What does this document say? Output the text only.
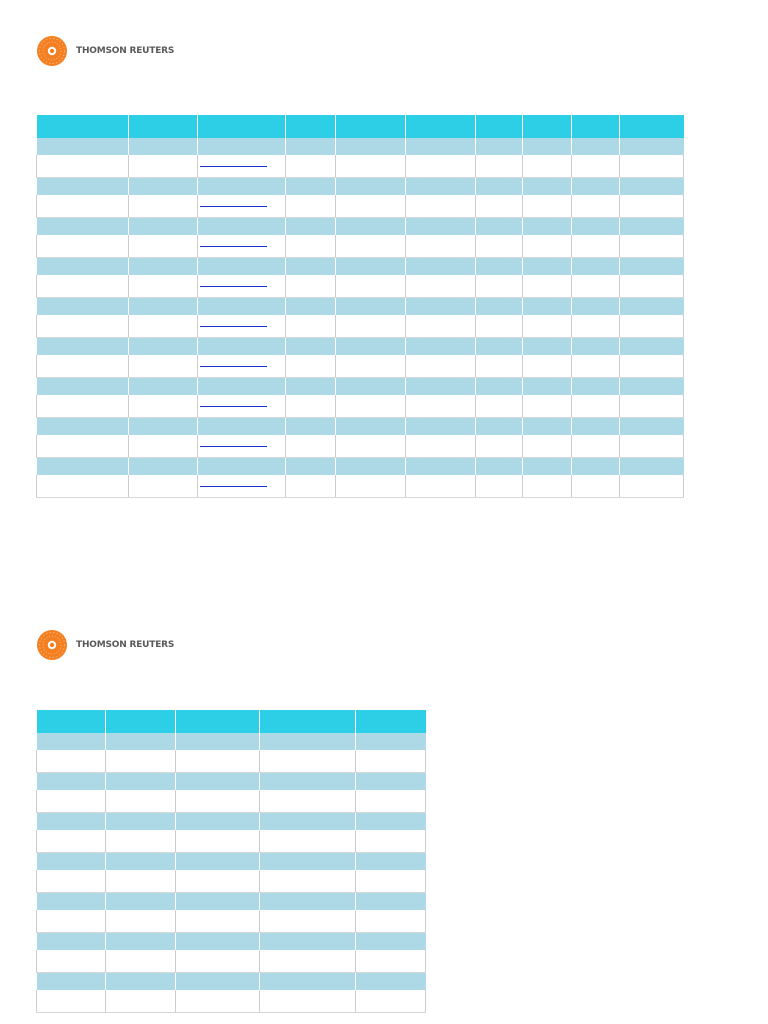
THOMSON REUTERS

THOMSON REUTERS
